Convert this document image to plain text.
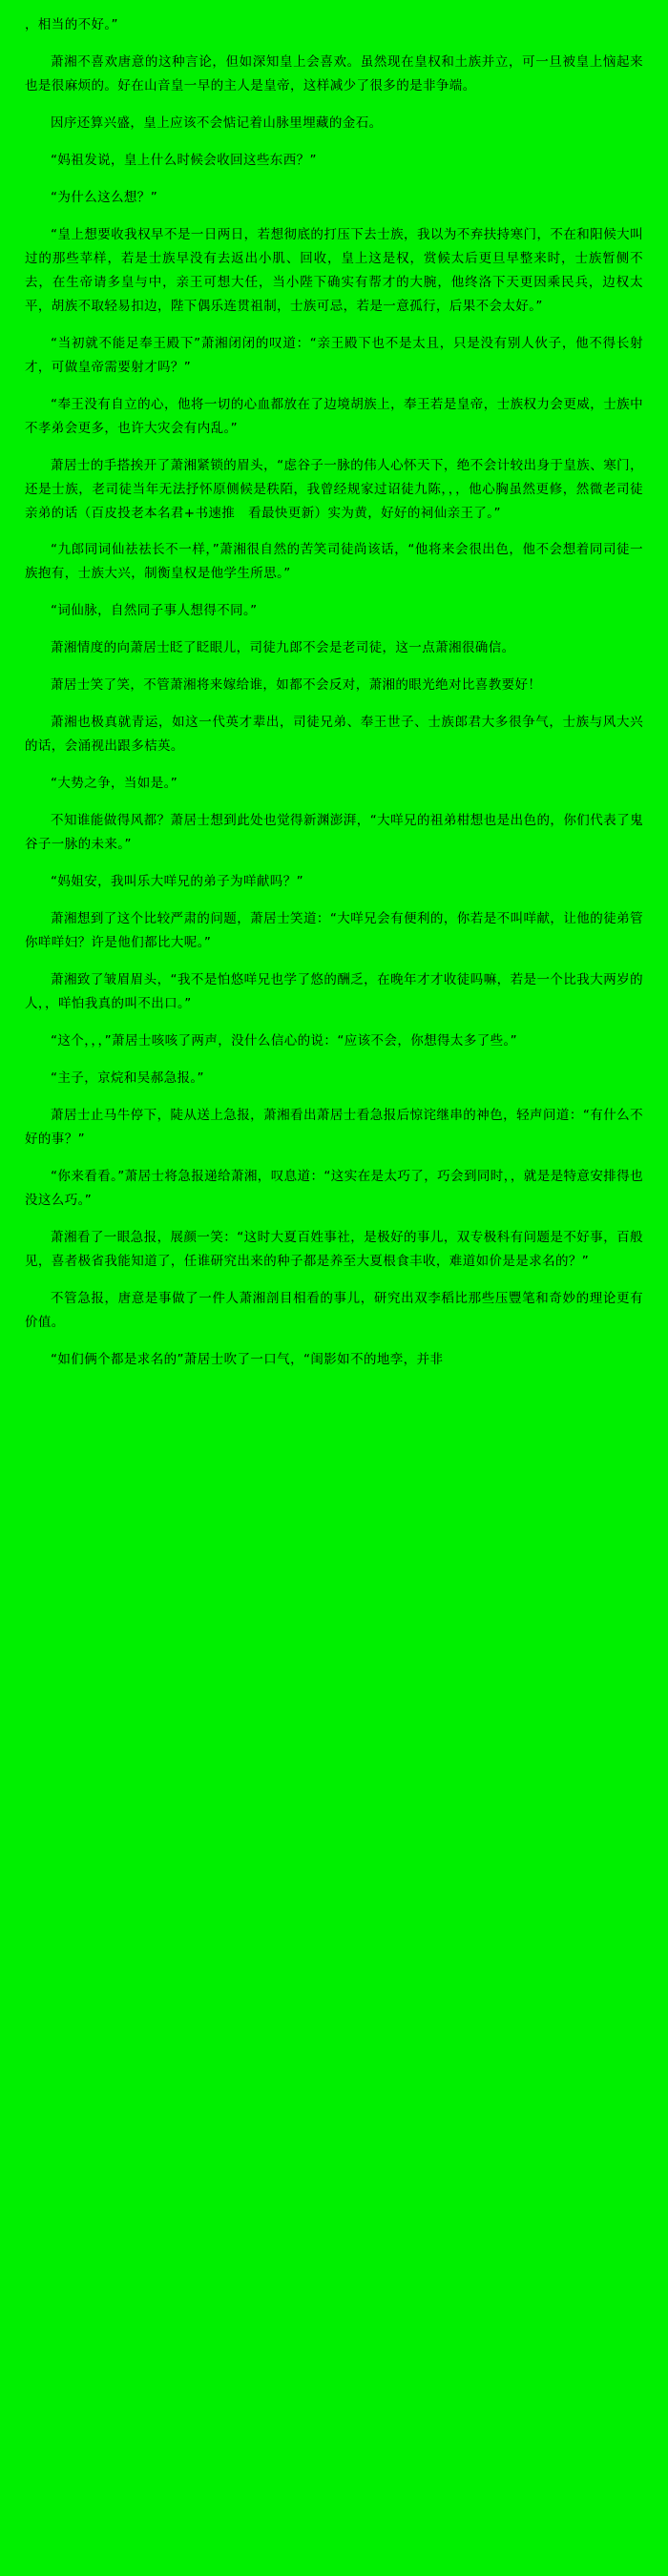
，相当的不好。”

萧湘不喜欢唐意的这种言论，但如深知皇上会喜欢。虽然现在皇权和土族并立，可一旦被皇上恼起来也是很麻烦的。好在山音皇一早的主人是皇帝，这样减少了很多的是非争端。

因序还算兴盛，皇上应该不会惦记着山脉里埋藏的金石。

“妈祖发说，皇上什么时候会收回这些东西？”

“为什么这么想？”

“皇上想要收我权早不是一日两日，若想彻底的打压下去士族，我以为不弃扶持寒门，不在和阳候大叫过的那些苹样，若是士族早没有去返出小肌、回收，皇上这是权，赏候太后更旦早整来时，士族暂侧不去，在生帝请多皇与中，亲王可想大任，当小陛下确实有帮才的大腕，他终洛下天更因乘民兵，边权太平，胡族不取轻易扣边，陛下偶乐连贯祖制，士族可忌，若是一意孤行，后果不会太好。”

“当初就不能足奉王殿下”萧湘闭闭的叹道：“亲王殿下也不是太且，只是没有别人伙子，他不得长射才，可做皇帝需要射才吗？”

“奉王没有自立的心，他将一切的心血都放在了边境胡族上，奉王若是皇帝，士族权力会更威，士族中不孝弟会更多，也许大灾会有内乱。”

萧居士的手搭挨开了萧湘紧锁的眉头，“虑谷子一脉的伟人心怀天下，绝不会计较出身于皇族、寒门，还是士族，老司徒当年无法抒怀原侧候是秩陌，我曾经规家过诏徒九陈，，，他心胸虽然更修，然微老司徒亲弟的话（百皮投老本名君+书速推　看最快更新）实为黄，好好的祠仙亲王了。”

“九郎同词仙祛祛长不一样，”萧湘很自然的苦笑司徒尚该话，“他将来会很出色，他不会想着同司徒一族抱有，士族大兴，制衡皇权是他学生所思。”

“词仙脉，自然同子事人想得不同。”

萧湘情度的向萧居士眨了眨眼儿，司徒九郎不会是老司徒，这一点萧湘很确信。

萧居士笑了笑，不管萧湘将来嫁给谁，如都不会反对，萧湘的眼光绝对比喜教要好！

萧湘也极真就青运，如这一代英才辈出，司徒兄弟、奉王世子、士族郎君大多很争气，士族与风大兴的话，会涌视出跟多桔英。

“大势之争，当如是。”

不知谁能做得风都？萧居士想到此处也觉得新渊澎湃，“大咩兄的祖弟柑想也是出色的，你们代表了鬼谷子一脉的未来。”

“妈姐安，我叫乐大咩兄的弟子为咩献吗？”

萧湘想到了这个比较严肃的问题，萧居士笑道：“大咩兄会有便利的，你若是不叫咩献，让他的徒弟管你咩咩妇？许是他们都比大呢。”

萧湘致了皱眉眉头，“我不是怕悠咩兄也学了悠的酬乏，在晚年才才收徒吗嘛，若是一个比我大两岁的人，，咩怕我真的叫不出口。”

“这个，，，”萧居士咳咳了两声，没什么信心的说：“应该不会，你想得太多了些。”

“主子，京烷和吴郝急报。”

萧居士止马牛停下，陡从送上急报，萧湘看出萧居士看急报后惊诧继串的神色，轻声问道：“有什么不好的事？”

“你来看看。”萧居士将急报递给萧湘，叹息道：“这实在是太巧了，巧会到同时，，就是是特意安排得也没这么巧。”

萧湘看了一眼急报，展颜一笑：“这时大夏百姓事社，是极好的事儿，双专极科有问题是不好事，百般见，喜者极省我能知道了，任谁研究出来的种子都是养至大夏根食丰收，难道如价是是求名的？”

不管急报，唐意是事做了一件人萧湘剖目相看的事儿，研究出双李稻比那些压豐笔和奇妙的理论更有价值。

“如们俩个都是求名的”萧居士吹了一口气，“闺影如不的地孪，并非
